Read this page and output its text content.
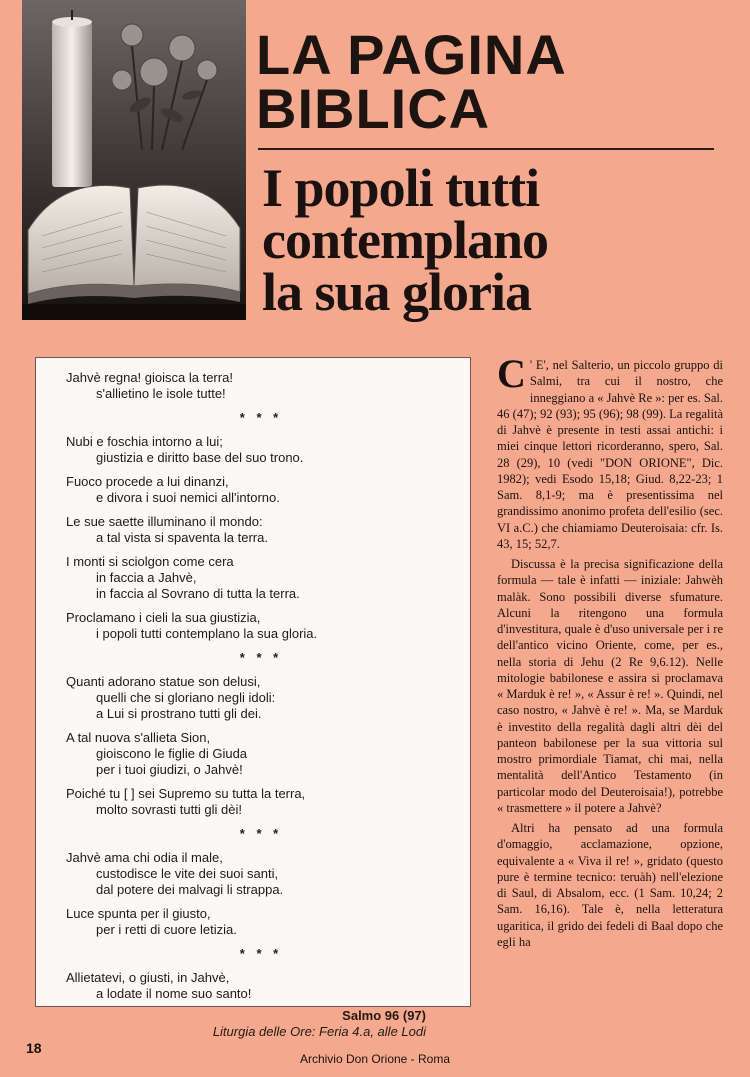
LA PAGINA
BIBLICA
I popoli tutti
contemplano
la sua gloria
Jahvè regna! gioisca la terra!
s'allietino le isole tutte!
* * *
Nubi e foschia intorno a lui;
giustizia e diritto base del suo trono.
Fuoco procede a lui dinanzi,
e divora i suoi nemici all'intorno.
Le sue saette illuminano il mondo:
a tal vista si spaventa la terra.
I monti si sciolgon come cera
in faccia a Jahvè,
in faccia al Sovrano di tutta la terra.
Proclamano i cieli la sua giustizia,
i popoli tutti contemplano la sua gloria.
* * *
Quanti adorano statue son delusi,
quelli che si gloriano negli idoli:
a Lui si prostrano tutti gli dei.
A tal nuova s'allieta Sion,
gioiscono le figlie di Giuda
per i tuoi giudizi, o Jahvè!
Poiché tu [ ] sei Supremo su tutta la terra,
molto sovrasti tutti gli dèi!
* * *
Jahvè ama chi odia il male,
custodisce le vite dei suoi santi,
dal potere dei malvagi li strappa.
Luce spunta per il giusto,
per i retti di cuore letizia.
* * *
Allietatevi, o giusti, in Jahvè,
a lodate il nome suo santo!
Salmo 96 (97)
Liturgia delle Ore: Feria 4.a, alle Lodi

C ' E', nel Salterio, un piccolo gruppo di Salmi, tra cui il nostro, che inneggiano a « Jahvè Re »: per es. Sal. 46 (47); 92 (93); 95 (96); 98 (99). La regalità di Jahvè è presente in testi assai antichi: i miei cinque lettori ricorderanno, spero, Sal. 28 (29), 10 (vedi "DON ORIONE", Dic. 1982); vedi Esodo 15,18; Giud. 8,22-23; 1 Sam. 8,1-9; ma è presentissima nel grandissimo anonimo profeta dell'esilio (sec. VI a.C.) che chiamiamo Deuteroisaia: cfr. Is. 43, 15; 52,7.

Discussa è la precisa significazione della formula — tale è infatti — iniziale: Jahwèh malàk. Sono possibili diverse sfumature. Alcuni la ritengono una formula d'investitura, quale è d'uso universale per i re dell'antico vicino Oriente, come, per es., nella storia di Jehu (2 Re 9,6.12). Nelle mitologie babilonese e assira si proclamava « Marduk è re! », « Assur è re! ». Quindi, nel caso nostro, « Jahvè è re! ». Ma, se Marduk è investito della regalità dagli altri dèi del panteon babilonese per la sua vittoria sul mostro primordiale Tiamat, chi mai, nella mentalità dell'Antico Testamento (in particolar modo del Deuteroisaia!), potrebbe « trasmettere » il potere a Jahvè?

Altri ha pensato ad una formula d'omaggio, acclamazione, opzione, equivalente a « Viva il re! », gridato (questo pure è termine tecnico: teruàh) nell'elezione di Saul, di Absalom, ecc. (1 Sam. 10,24; 2 Sam. 16,16). Tale è, nella letteratura ugaritica, il grido dei fedeli di Baal dopo che egli ha

18
Archivio Don Orione - Roma
